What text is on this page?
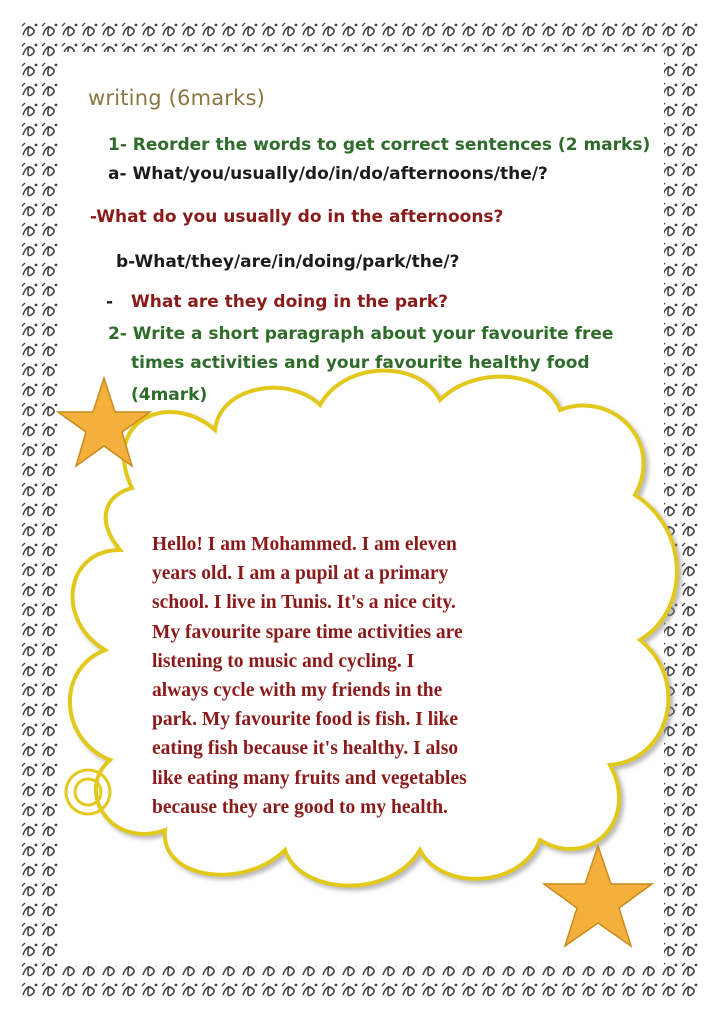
writing (6marks)
1- Reorder the words to get correct sentences (2 marks)
a- What/you/usually/do/in/do/afternoons/the/?
-What do you usually do in the afternoons?
b-What/they/are/in/doing/park/the/?
- What are they doing in the park?
2- Write a short paragraph about your favourite free
times activities and your favourite healthy food
(4mark)
Hello! I am Mohammed. I am eleven
years old. I am a pupil at a primary
school. I live in Tunis. It's a nice city.
My favourite spare time activities are
listening to music and cycling. I
always cycle with my friends in the
park. My favourite food is fish. I like
eating fish because it's healthy. I also
like eating many fruits and vegetables
because they are good to my health.
